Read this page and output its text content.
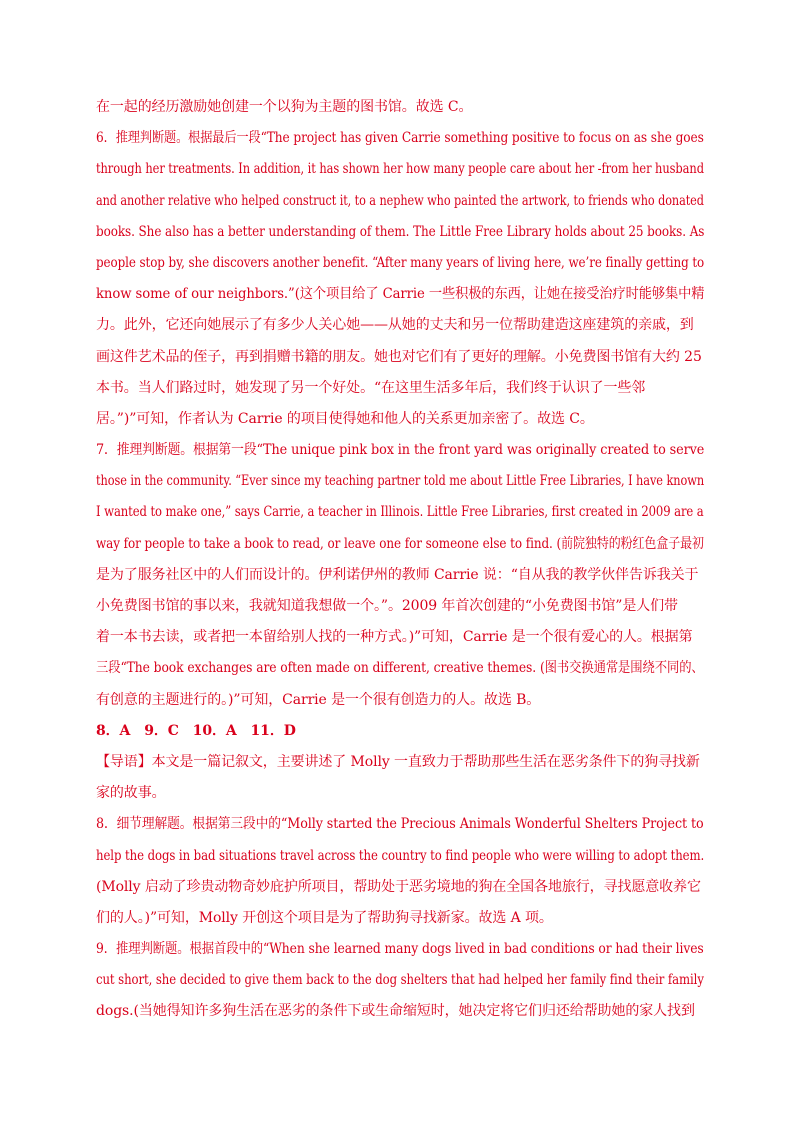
在一起的经历激励她创建一个以狗为主题的图书馆。故选 C。
6．推理判断题。根据最后一段“The project has given Carrie something positive to focus on as she goes
through her treatments. In addition, it has shown her how many people care about her -from her husband
and another relative who helped construct it, to a nephew who painted the artwork, to friends who donated
books. She also has a better understanding of them. The Little Free Library holds about 25 books. As
people stop by, she discovers another benefit. “After many years of living here, we’re finally getting to
know some of our neighbors.”(这个项目给了 Carrie 一些积极的东西，让她在接受治疗时能够集中精
力。此外，它还向她展示了有多少人关心她——从她的丈夫和另一位帮助建造这座建筑的亲戚，到
画这件艺术品的侄子，再到捐赠书籍的朋友。她也对它们有了更好的理解。小免费图书馆有大约 25
本书。当人们路过时，她发现了另一个好处。“在这里生活多年后，我们终于认识了一些邻
居。”)”可知，作者认为 Carrie 的项目使得她和他人的关系更加亲密了。故选 C。
7．推理判断题。根据第一段“The unique pink box in the front yard was originally created to serve
those in the community. “Ever since my teaching partner told me about Little Free Libraries, I have known
I wanted to make one,” says Carrie, a teacher in Illinois. Little Free Libraries, first created in 2009 are a
way for people to take a book to read, or leave one for someone else to find. (前院独特的粉红色盒子最初
是为了服务社区中的人们而设计的。伊利诺伊州的教师 Carrie 说：“自从我的教学伙伴告诉我关于
小免费图书馆的事以来，我就知道我想做一个。”。2009 年首次创建的“小免费图书馆”是人们带
着一本书去读，或者把一本留给别人找的一种方式。)”可知，Carrie 是一个很有爱心的人。根据第
三段“The book exchanges are often made on different, creative themes. (图书交换通常是围绕不同的、
有创意的主题进行的。)”可知，Carrie 是一个很有创造力的人。故选 B。
8．A　9．C　10．A　11．D
【导语】本文是一篇记叙文，主要讲述了 Molly 一直致力于帮助那些生活在恶劣条件下的狗寻找新
家的故事。
8．细节理解题。根据第三段中的“Molly started the Precious Animals Wonderful Shelters Project to
help the dogs in bad situations travel across the country to find people who were willing to adopt them.
(Molly 启动了珍贵动物奇妙庇护所项目，帮助处于恶劣境地的狗在全国各地旅行，寻找愿意收养它
们的人。)”可知，Molly 开创这个项目是为了帮助狗寻找新家。故选 A 项。
9．推理判断题。根据首段中的“When she learned many dogs lived in bad conditions or had their lives
cut short, she decided to give them back to the dog shelters that had helped her family find their family
dogs.(当她得知许多狗生活在恶劣的条件下或生命缩短时，她决定将它们归还给帮助她的家人找到
